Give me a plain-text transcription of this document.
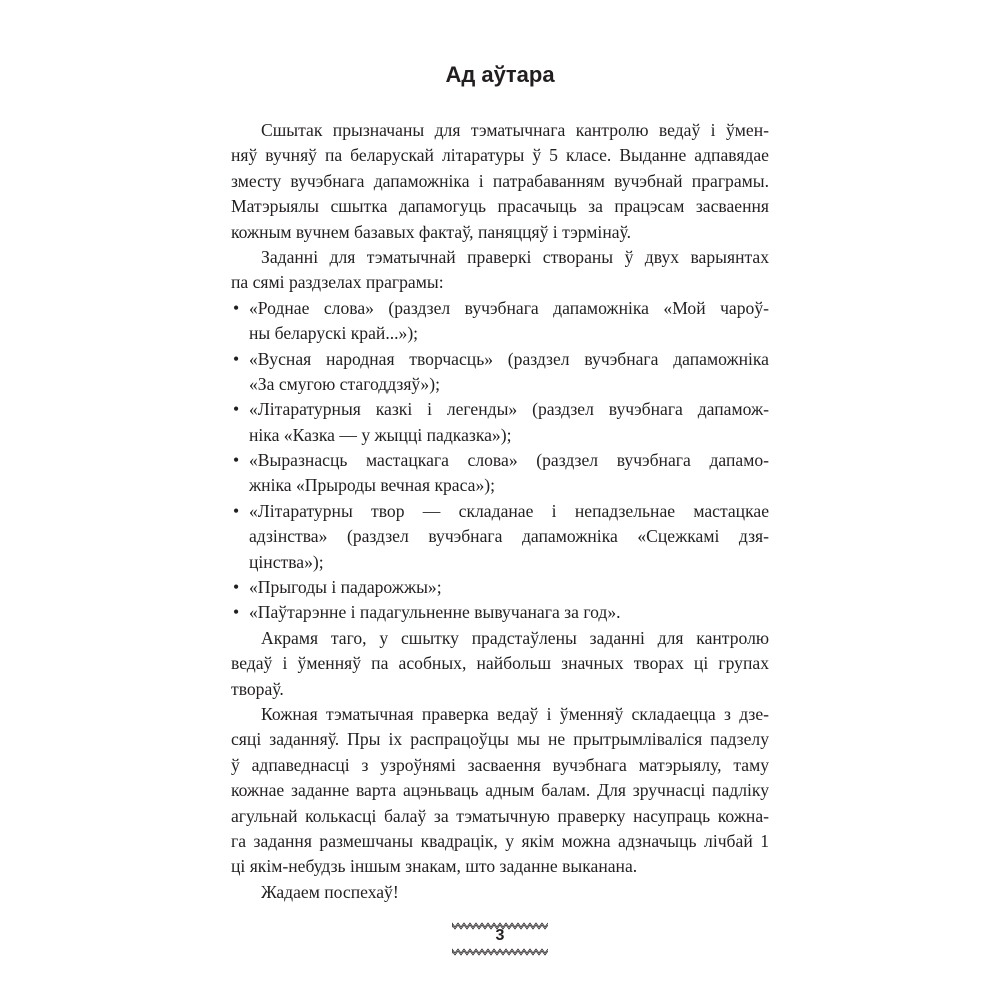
Ад аўтара
Сшытак прызначаны для тэматычнага кантролю ведаў і ўмен-
няў вучняў па беларускай літаратуры ў 5 класе. Выданне адпавядае
зместу вучэбнага дапаможніка і патрабаванням вучэбнай праграмы.
Матэрыялы сшытка дапамогуць прасачыць за працэсам засваення
кожным вучнем базавых фактаў, паняццяў і тэрмінаў.
Заданні для тэматычнай праверкі створаны ў двух варыянтах
па сямі раздзелах праграмы:
• «Роднае слова» (раздзел вучэбнага дапаможніка «Мой чароў-
ны беларускі край...»);
• «Вусная народная творчасць» (раздзел вучэбнага дапаможніка
«За смугою стагоддзяў»);
• «Літаратурныя казкі і легенды» (раздзел вучэбнага дапамож-
ніка «Казка — у жыцці падказка»);
• «Выразнасць мастацкага слова» (раздзел вучэбнага дапамо-
жніка «Прыроды вечная краса»);
• «Літаратурны твор — складанае і непадзельнае мастацкае
адзінства» (раздзел вучэбнага дапаможніка «Сцежкамі дзя-
цінства»);
• «Прыгоды і падарожжы»;
• «Паўтарэнне і падагульненне вывучанага за год».
Акрамя таго, у сшытку прадстаўлены заданні для кантролю
ведаў і ўменняў па асобных, найбольш значных творах ці групах
твораў.
Кожная тэматычная праверка ведаў і ўменняў складаецца з дзе-
сяці заданняў. Пры іх распрацоўцы мы не прытрымліваліся падзелу
ў адпаведнасці з узроўнямі засваення вучэбнага матэрыялу, таму
кожнае заданне варта ацэньваць адным балам. Для зручнасці падліку
агульнай колькасці балаў за тэматычную праверку насупраць кожна-
га задання размешчаны квадрацік, у якім можна адзначыць лічбай 1
ці якім-небудзь іншым знакам, што заданне выканана.
Жадаем поспехаў!
3
